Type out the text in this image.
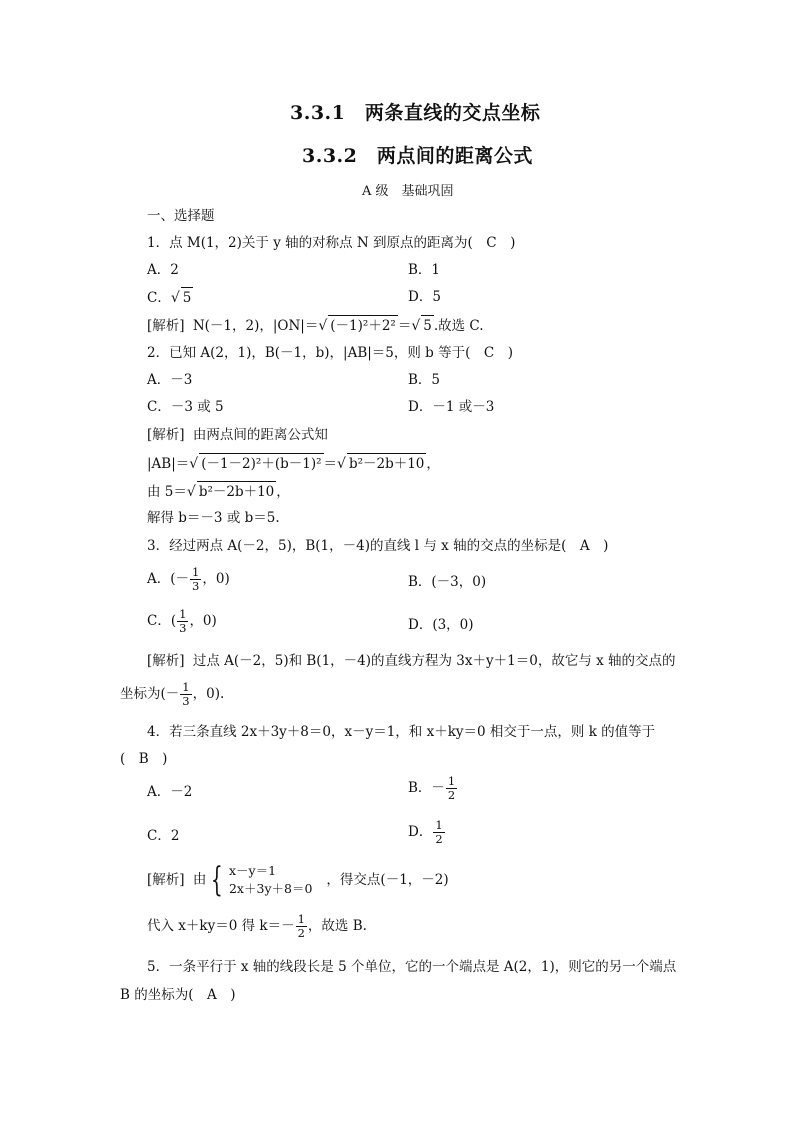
3.3.1　两条直线的交点坐标
3.3.2　两点间的距离公式
A 级　基础巩固
一、选择题
1．点 M(1，2)关于 y 轴的对称点 N 到原点的距离为(　C　)
A．2	B．1
C．√ 5	D．5
[解析] N(－1，2)，|ON|＝√ (－1)²＋2² ＝√ 5 .故选 C.
2．已知 A(2，1)，B(－1，b)，|AB|＝5，则 b 等于(　C　)
A．－3	B．5
C．－3 或 5	D．－1 或－3
[解析] 由两点间的距离公式知
|AB|＝√ (－1－2)²＋(b－1)² ＝√ b²－2b＋10 ，
由 5＝√ b²－2b＋10 ，
解得 b＝－3 或 b＝5.
3．经过两点 A(－2，5)，B(1，－4)的直线 l 与 x 轴的交点的坐标是(　A　)
A．(－ $\frac{1}{3}$ ，0)	B．(－3，0)
C．( $\frac{1}{3}$ ，0)	D．(3，0)
[解析] 过点 A(－2，5)和 B(1，－4)的直线方程为 3x＋y＋1＝0，故它与 x 轴的交点的
坐标为(－ $\frac{1}{3}$ ，0).
4．若三条直线 2x＋3y＋8＝0，x－y＝1，和 x＋ky＝0 相交于一点，则 k 的值等于
(　B　)
A．－2	B．－ $\frac{1}{2}$
C．2	D． $\frac{1}{2}$
[解析] 由 { x－y＝1
2x＋3y＋8＝0
，得交点(－1，－2)
代入 x＋ky＝0 得 $k=- \frac{1}{2}$ ，故选 B.
5．一条平行于 x 轴的线段长是 5 个单位，它的一个端点是 A(2，1)，则它的另一个端点
B 的坐标为(　A　)
